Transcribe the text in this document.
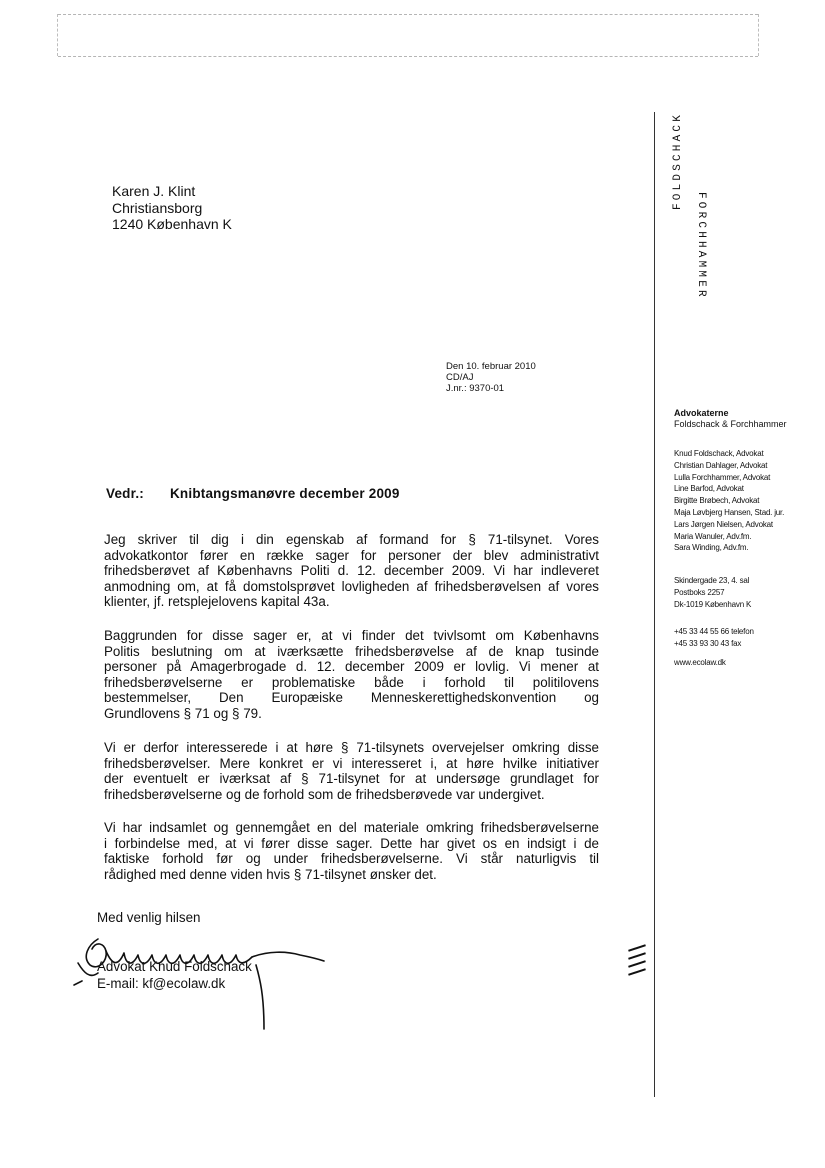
Karen J. Klint
Christiansborg
1240 København K
Den 10. februar 2010
CD/AJ
J.nr.: 9370-01
Vedr.: Knibtangsmanøvre december 2009

Jeg skriver til dig i din egenskab af formand for § 71-tilsynet. Vores

advokatkontor fører en række sager for personer der blev administrativt

frihedsberøvet af Københavns Politi d. 12. december 2009. Vi har indleveret

anmodning om, at få domstolsprøvet lovligheden af frihedsberøvelsen af vores

klienter, jf. retsplejelovens kapital 43a.

Baggrunden for disse sager er, at vi finder det tvivlsomt om Københavns

Politis beslutning om at iværksætte frihedsberøvelse af de knap tusinde

personer på Amagerbrogade d. 12. december 2009 er lovlig. Vi mener at

frihedsberøvelserne er problematiske både i forhold til politilovens

bestemmelser, Den Europæiske Menneskerettighedskonvention og

Grundlovens § 71 og § 79.

Vi er derfor interesserede i at høre § 71-tilsynets overvejelser omkring disse

frihedsberøvelser. Mere konkret er vi interesseret i, at høre hvilke initiativer

der eventuelt er iværksat af § 71-tilsynet for at undersøge grundlaget for

frihedsberøvelserne og de forhold som de frihedsberøvede var undergivet.

Vi har indsamlet og gennemgået en del materiale omkring frihedsberøvelserne

i forbindelse med, at vi fører disse sager. Dette har givet os en indsigt i de

faktiske forhold før og under frihedsberøvelserne. Vi står naturligvis til

rådighed med denne viden hvis § 71-tilsynet ønsker det.

Med venlig hilsen
Advokat Knud Foldschack
E-mail: kf@ecolaw.dk
FOLDSCHACK
FORCHHAMMER
Advokaterne
Foldschack & Forchhammer
Knud Foldschack, Advokat
Christian Dahlager, Advokat
Lulla Forchhammer, Advokat
Line Barfod, Advokat
Birgitte Brøbech, Advokat
Maja Løvbjerg Hansen, Stad. jur.
Lars Jørgen Nielsen, Advokat
Maria Wanuler, Adv.fm.
Sara Winding, Adv.fm.
Skindergade 23, 4. sal
Postboks 2257
Dk-1019 København K
+45 33 44 55 66 telefon
+45 33 93 30 43 fax
www.ecolaw.dk
